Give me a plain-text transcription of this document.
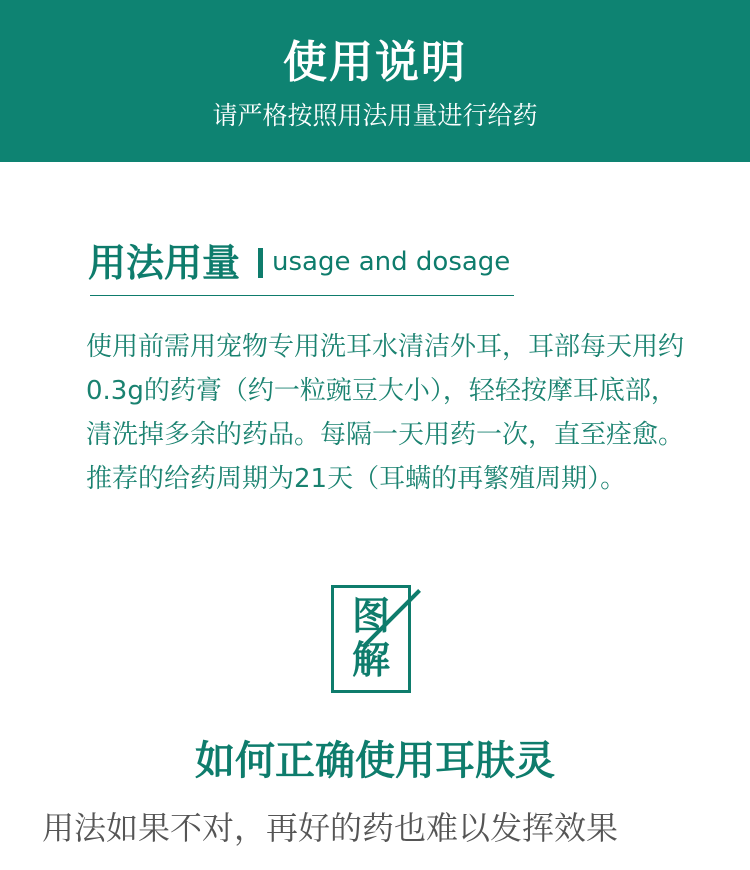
使用说明
请严格按照用法用量进行给药
用法用量 usage and dosage
使用前需用宠物专用洗耳水清洁外耳，耳部每天用约0.3g的药膏（约一粒豌豆大小），轻轻按摩耳底部，清洗掉多余的药品。每隔一天用药一次，直至痊愈。推荐的给药周期为21天（耳螨的再繁殖周期）。
图
解
如何正确使用耳肤灵
用法如果不对，再好的药也难以发挥效果
